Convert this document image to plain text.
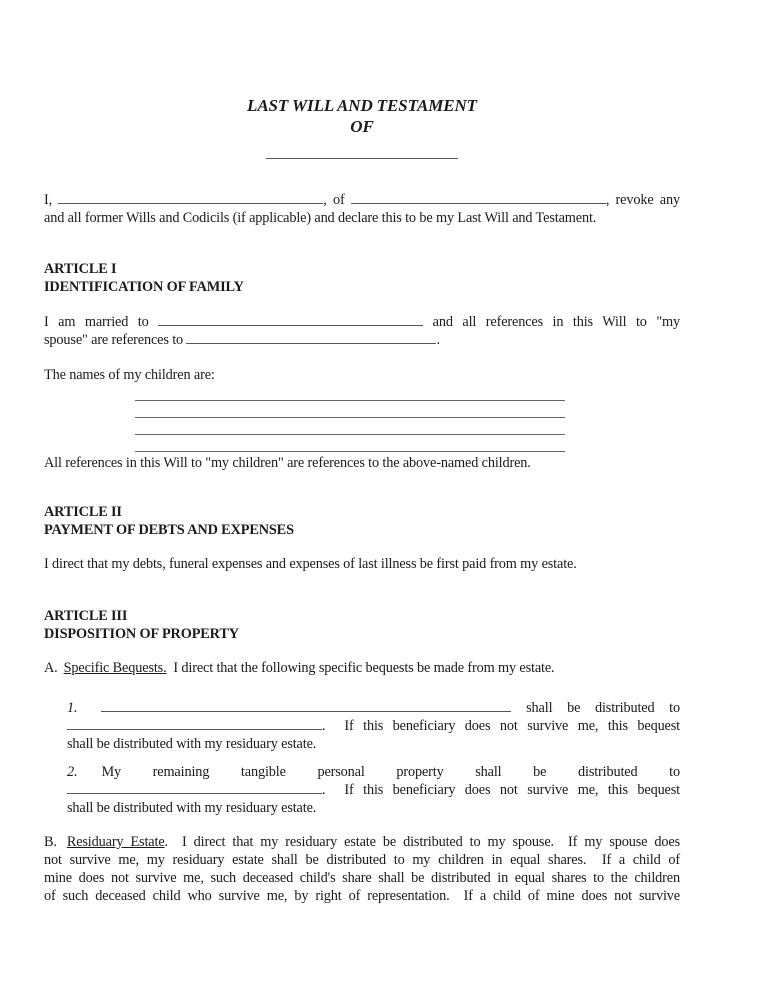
LAST WILL AND TESTAMENT
OF
I,	, of	, revoke any
and all former Wills and Codicils (if applicable) and declare this to be my Last Will and Testament.
ARTICLE I
IDENTIFICATION OF FAMILY
I am married to	and all references in this Will to "my
spouse" are references to	.
The names of my children are:
All references in this Will to "my children" are references to the above-named children.
ARTICLE II
PAYMENT OF DEBTS AND EXPENSES
I direct that my debts, funeral expenses and expenses of last illness be first paid from my estate.
ARTICLE III
DISPOSITION OF PROPERTY
A. Specific Bequests.  I direct that the following specific bequests be made from my estate.
1.	shall be distributed to
.  If this beneficiary does not survive me, this bequest
shall be distributed with my residuary estate.
2. My remaining tangible personal property shall be distributed to
.  If this beneficiary does not survive me, this bequest
shall be distributed with my residuary estate.
B. Residuary Estate.  I direct that my residuary estate be distributed to my spouse.  If my spouse does
not survive me, my residuary estate shall be distributed to my children in equal shares.  If a child of
mine does not survive me, such deceased child's share shall be distributed in equal shares to the children
of such deceased child who survive me, by right of representation.  If a child of mine does not survive
